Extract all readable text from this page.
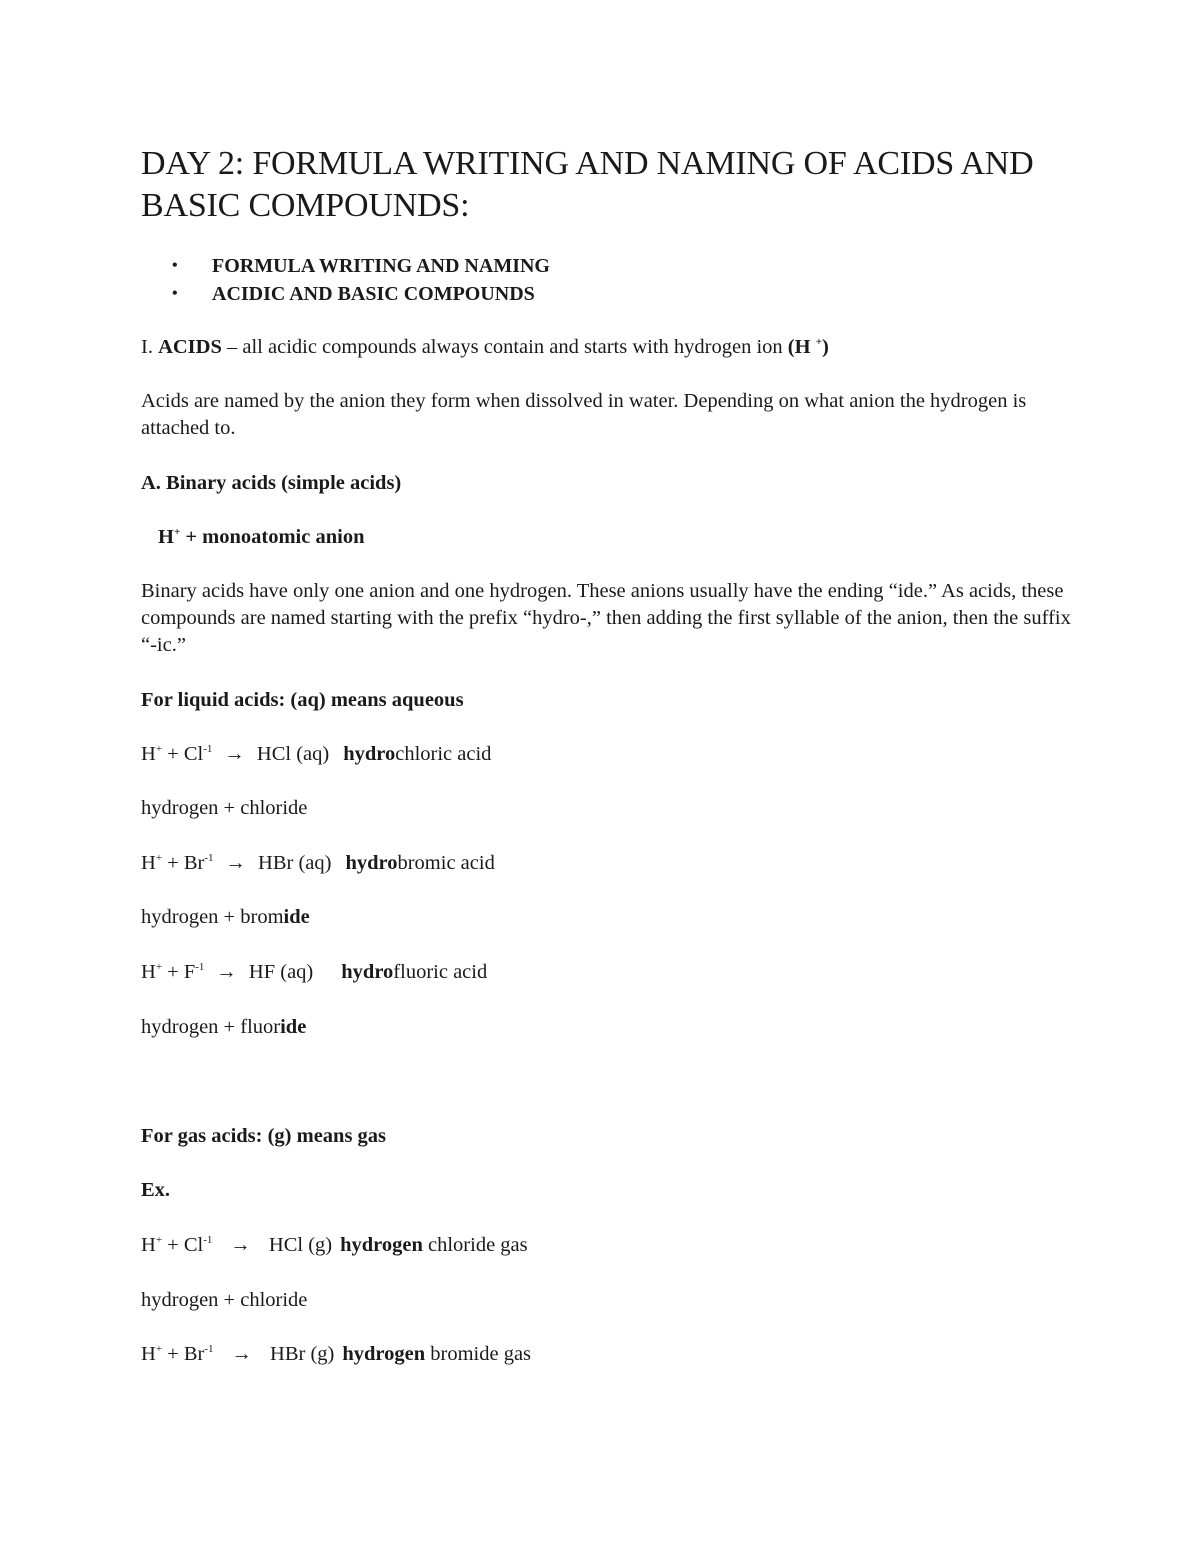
DAY 2: FORMULA WRITING AND NAMING OF ACIDS AND BASIC COMPOUNDS:
•	FORMULA WRITING AND NAMING
•	ACIDIC AND BASIC COMPOUNDS
I. ACIDS – all acidic compounds always contain and starts with hydrogen ion (H +)

Acids are named by the anion they form when dissolved in water. Depending on what anion the hydrogen is attached to.

A. Binary acids (simple acids)
H+ + monoatomic anion

Binary acids have only one anion and one hydrogen. These anions usually have the ending “ide.” As acids, these compounds are named starting with the prefix “hydro-,” then adding the first syllable of the anion, then the suffix “-ic.”

For liquid acids: (aq) means aqueous
$H^+ + Cl^{-1}$ → HCl (aq) hydrochloric acid
hydrogen + chloride
$H^+ + Br^{-1}$ → HBr (aq) hydrobromic acid
hydrogen + bromide
$H^+ + F^{-1}$ → HF (aq) hydrofluoric acid
hydrogen + fluoride
For gas acids: (g) means gas
Ex.
$H^+ + Cl^{-1}$ → HCl (g) hydrogen chloride gas
hydrogen + chloride
$H^+ + Br^{-1}$ → HBr (g) hydrogen bromide gas
